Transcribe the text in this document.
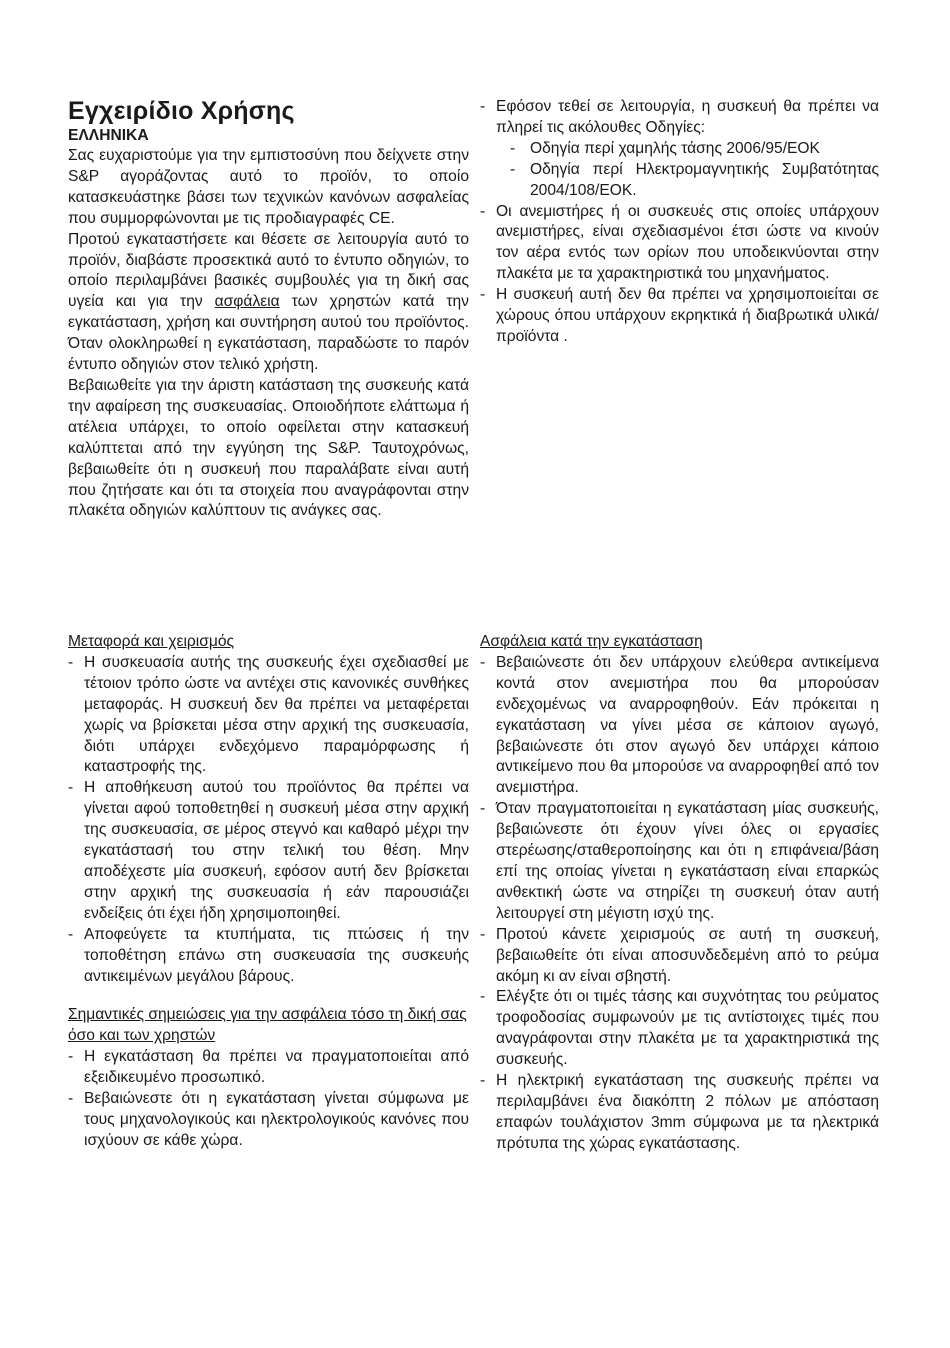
Εγχειρίδιο Χρήσης

ΕΛΛΗΝΙΚΑ

Σας ευχαριστούμε για την εμπιστοσύνη που δείχνετε στην S&P αγοράζοντας αυτό το προϊόν, το οποίο κατασκευάστηκε βάσει των τεχνικών κανόνων ασφαλείας που συμμορφώνονται με τις προδιαγραφές CE.

Προτού εγκαταστήσετε και θέσετε σε λειτουργία αυτό το προϊόν, διαβάστε προσεκτικά αυτό το έντυπο οδηγιών, το οποίο περιλαμβάνει βασικές συμβουλές για τη δική σας υγεία και για την ασφάλεια των χρηστών κατά την εγκατάσταση, χρήση και συντήρηση αυτού του προϊόντος. Όταν ολοκληρωθεί η εγκατάσταση, παραδώστε το παρόν έντυπο οδηγιών στον τελικό χρήστη.

Βεβαιωθείτε για την άριστη κατάσταση της συσκευής κατά την αφαίρεση της συσκευασίας. Οποιοδήποτε ελάττωμα ή ατέλεια υπάρχει, το οποίο οφείλεται στην κατασκευή καλύπτεται από την εγγύηση της S&P. Ταυτοχρόνως, βεβαιωθείτε ότι η συσκευή που παραλάβατε είναι αυτή που ζητήσατε και ότι τα στοιχεία που αναγράφονται στην πλακέτα οδηγιών καλύπτουν τις ανάγκες σας.

- Εφόσον τεθεί σε λειτουργία, η συσκευή θα πρέπει να πληρεί τις ακόλουθες Οδηγίες:
- Οδηγία περί χαμηλής τάσης 2006/95/ΕΟΚ
- Οδηγία περί Ηλεκτρομαγνητικής Συμβατότητας 2004/108/ΕΟΚ.
- Οι ανεμιστήρες ή οι συσκευές στις οποίες υπάρχουν ανεμιστήρες, είναι σχεδιασμένοι έτσι ώστε να κινούν τον αέρα εντός των ορίων που υποδεικνύονται στην πλακέτα με τα χαρακτηριστικά του μηχανήματος.
- Η συσκευή αυτή δεν θα πρέπει να χρησιμοποιείται σε χώρους όπου υπάρχουν εκρηκτικά ή διαβρωτικά υλικά/προϊόντα .

Μεταφορά και χειρισμός

- Η συσκευασία αυτής της συσκευής έχει σχεδιασθεί με τέτοιον τρόπο ώστε να αντέχει στις κανονικές συνθήκες μεταφοράς. Η συσκευή δεν θα πρέπει να μεταφέρεται χωρίς να βρίσκεται μέσα στην αρχική της συσκευασία, διότι υπάρχει ενδεχόμενο παραμόρφωσης ή καταστροφής της.
- Η αποθήκευση αυτού του προϊόντος θα πρέπει να γίνεται αφού τοποθετηθεί η συσκευή μέσα στην αρχική της συσκευασία, σε μέρος στεγνό και καθαρό μέχρι την εγκατάστασή του στην τελική του θέση. Μην αποδέχεστε μία συσκευή, εφόσον αυτή δεν βρίσκεται στην αρχική της συσκευασία ή εάν παρουσιάζει ενδείξεις ότι έχει ήδη χρησιμοποιηθεί.
- Αποφεύγετε τα κτυπήματα, τις πτώσεις ή την τοποθέτηση επάνω στη συσκευασία της συσκευής αντικειμένων μεγάλου βάρους.

Σημαντικές σημειώσεις για την ασφάλεια τόσο τη δική σας όσο και των χρηστών

- Η εγκατάσταση θα πρέπει να πραγματοποιείται από εξειδικευμένο προσωπικό.
- Βεβαιώνεστε ότι η εγκατάσταση γίνεται σύμφωνα με τους μηχανολογικούς και ηλεκτρολογικούς κανόνες που ισχύουν σε κάθε χώρα.

Ασφάλεια κατά την εγκατάσταση

- Βεβαιώνεστε ότι δεν υπάρχουν ελεύθερα αντικείμενα κοντά στον ανεμιστήρα που θα μπορούσαν ενδεχομένως να αναρροφηθούν. Εάν πρόκειται η εγκατάσταση να γίνει μέσα σε κάποιον αγωγό, βεβαιώνεστε ότι στον αγωγό δεν υπάρχει κάποιο αντικείμενο που θα μπορούσε να αναρροφηθεί από τον ανεμιστήρα.
- Όταν πραγματοποιείται η εγκατάσταση μίας συσκευής, βεβαιώνεστε ότι έχουν γίνει όλες οι εργασίες στερέωσης/σταθεροποίησης και ότι η επιφάνεια/βάση επί της οποίας γίνεται η εγκατάσταση είναι επαρκώς ανθεκτική ώστε να στηρίζει τη συσκευή όταν αυτή λειτουργεί στη μέγιστη ισχύ της.
- Προτού κάνετε χειρισμούς σε αυτή τη συσκευή, βεβαιωθείτε ότι είναι αποσυνδεδεμένη από το ρεύμα ακόμη κι αν είναι σβηστή.
- Ελέγξτε ότι οι τιμές τάσης και συχνότητας του ρεύματος τροφοδοσίας συμφωνούν με τις αντίστοιχες τιμές που αναγράφονται στην πλακέτα με τα χαρακτηριστικά της συσκευής.
- Η ηλεκτρική εγκατάσταση της συσκευής πρέπει να περιλαμβάνει ένα διακόπτη 2 πόλων με απόσταση επαφών τουλάχιστον 3mm σύμφωνα με τα ηλεκτρικά πρότυπα της χώρας εγκατάστασης.
